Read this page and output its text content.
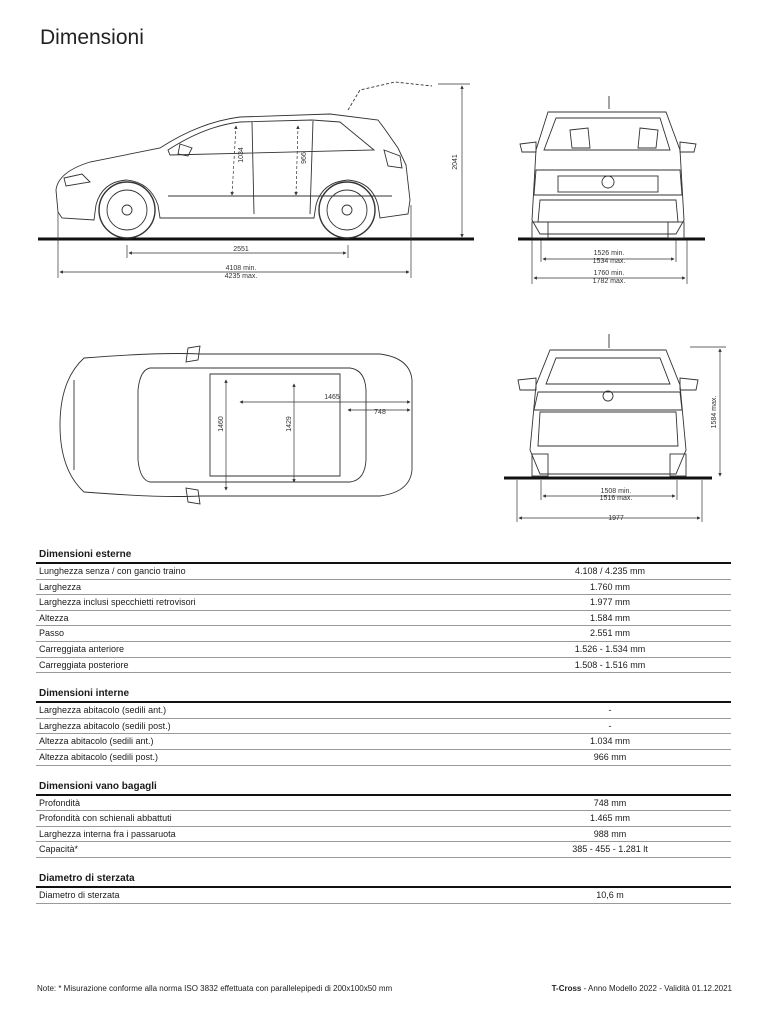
Dimensioni
2551
4108 min.
4235 max.
2041
1034	966
1526 min.
1534 max.
1760 min.
1782 max.
1465
748
1460	1429	1584 max.
1508 min.
1516 max.
1977
Dimensioni esterne
Lunghezza senza / con gancio traino	4.108 / 4.235 mm
Larghezza	1.760 mm
Larghezza inclusi specchietti retrovisori	1.977 mm
Altezza	1.584 mm
Passo	2.551 mm
Carreggiata anteriore	1.526 - 1.534 mm
Carreggiata posteriore	1.508 - 1.516 mm
Dimensioni interne
Larghezza abitacolo (sedili ant.)	-
Larghezza abitacolo (sedili post.)	-
Altezza abitacolo (sedili ant.)	1.034 mm
Altezza abitacolo (sedili post.)	966 mm
Dimensioni vano bagagli
Profondità	748 mm
Profondità con schienali abbattuti	1.465 mm
Larghezza interna fra i passaruota	988 mm
Capacità*	385 - 455 - 1.281 lt
Diametro di sterzata
Diametro di sterzata	10,6 m
Note: * Misurazione conforme alla norma ISO 3832 effettuata con parallelepipedi di 200x100x50 mm	T-Cross - Anno Modello 2022 - Validità 01.12.2021
